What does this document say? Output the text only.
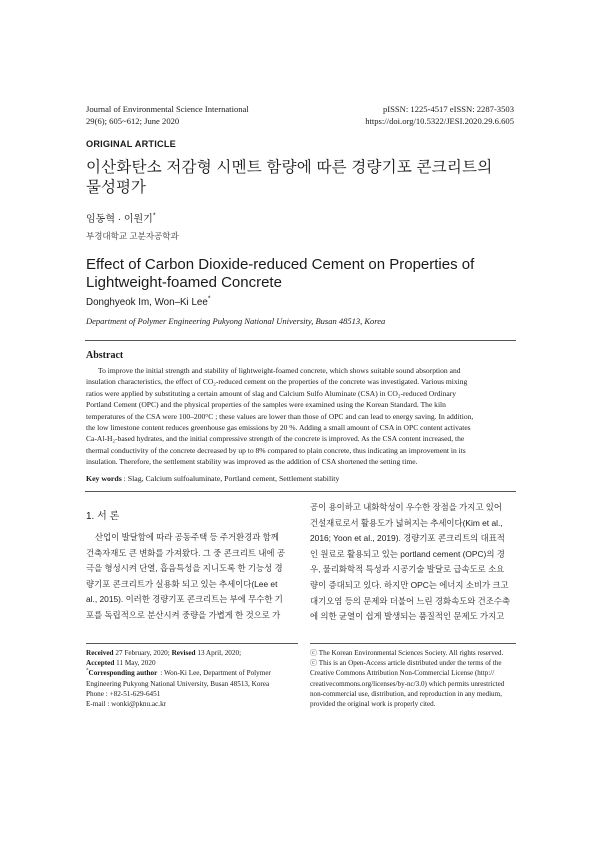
Journal of Environmental Science International
29(6); 605~612; June 2020
pISSN: 1225-4517 eISSN: 2287-3503
https://doi.org/10.5322/JESI.2020.29.6.605
ORIGINAL ARTICLE
이산화탄소 저감형 시멘트 함량에 따른 경량기포 콘크리트의
물성평가
임동혁 · 이원기*
부경대학교 고분자공학과
Effect of Carbon Dioxide-reduced Cement on Properties of
Lightweight-foamed Concrete
Donghyeok Im, Won–Ki Lee*
Department of Polymer Engineering Pukyong National University, Busan 48513, Korea
Abstract
To improve the initial strength and stability of lightweight-foamed concrete, which shows suitable sound absorption and
insulation characteristics, the effect of CO₂-reduced cement on the properties of the concrete was investigated. Various mixing
ratios were applied by substituting a certain amount of slag and Calcium Sulfo Aluminate (CSA) in CO₂-reduced Ordinary
Portland Cement (OPC) and the physical properties of the samples were examined using the Korean Standard. The kiln
temperatures of the CSA were 100–200°C ; these values are lower than those of OPC and can lead to energy saving. In addition,
the low limestone content reduces greenhouse gas emissions by 20 %. Adding a small amount of CSA in OPC content activates
Ca-Al-H₂-based hydrates, and the initial compressive strength of the concrete is improved. As the CSA content increased, the
thermal conductivity of the concrete decreased by up to 8% compared to plain concrete, thus indicating an improvement in its
insulation. Therefore, the settlement stability was improved as the addition of CSA shortened the setting time.
Key words : Slag, Calcium sulfoaluminate, Portland cement, Settlement stability
1. 서 론
산업이 발달함에 따라 공동주택 등 주거환경과 함께
건축자재도 큰 변화를 가져왔다. 그 중 콘크리트 내에 공
극을 형성시켜 단열, 흡음특성을 지니도록 한 기능성 경
량기포 콘크리트가 실용화 되고 있는 추세이다(Lee et
al., 2015). 이러한 경량기포 콘크리트는 부에 무수한 기
포를 독립적으로 분산시켜 중량을 가볍게 한 것으로 가
공이 용이하고 내화학성이 우수한 장점을 가지고 있어
건설재료로서 활용도가 넓혀지는 추세이다(Kim et al.,
2016; Yoon et al., 2019). 경량기포 콘크리트의 대표적
인 원료로 활용되고 있는 portland cement (OPC)의 경
우, 물리화학적 특성과 시공기술 발달로 급속도로 소요
량이 증대되고 있다. 하지만 OPC는 에너지 소비가 크고
대기오염 등의 문제와 더불어 느린 경화속도와 건조수축
에 의한 균열이 쉽게 발생되는 품질적인 문제도 가지고
Received 27 February, 2020; Revised 13 April, 2020;
Accepted 11 May, 2020
*Corresponding author : Won-Ki Lee, Department of Polymer
Engineering Pukyong National University, Busan 48513, Korea
Phone : +82-51-629-6451
E-mail : wonki@pknu.ac.kr
ⓒ The Korean Environmental Sciences Society. All rights reserved.
ⓒ This is an Open-Access article distributed under the terms of the
Creative Commons Attribution Non-Commercial License (http://
creativecommons.org/licenses/by-nc/3.0) which permits unrestricted
non-commercial use, distribution, and reproduction in any medium,
provided the original work is properly cited.
